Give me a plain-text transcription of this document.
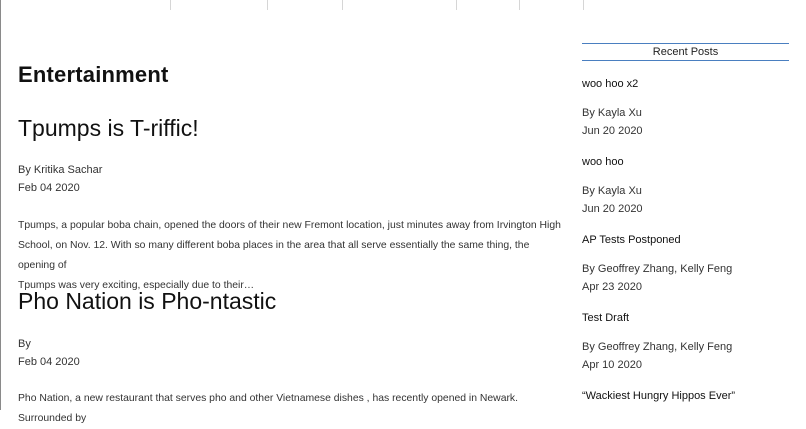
Entertainment
Tpumps is T-riffic!
By Kritika Sachar
Feb 04 2020
Tpumps, a popular boba chain, opened the doors of their new Fremont location, just minutes away from Irvington High
School, on Nov. 12. With so many different boba places in the area that all serve essentially the same thing, the opening of
Tpumps was very exciting, especially due to their…
Pho Nation is Pho-ntastic
By
Feb 04 2020
Pho Nation, a new restaurant that serves pho and other Vietnamese dishes , has recently opened in Newark. Surrounded by
Recent Posts
woo hoo x2
By Kayla Xu
Jun 20 2020
woo hoo
By Kayla Xu
Jun 20 2020
AP Tests Postponed
By Geoffrey Zhang, Kelly Feng
Apr 23 2020
Test Draft
By Geoffrey Zhang, Kelly Feng
Apr 10 2020
“Wackiest Hungry Hippos Ever”
